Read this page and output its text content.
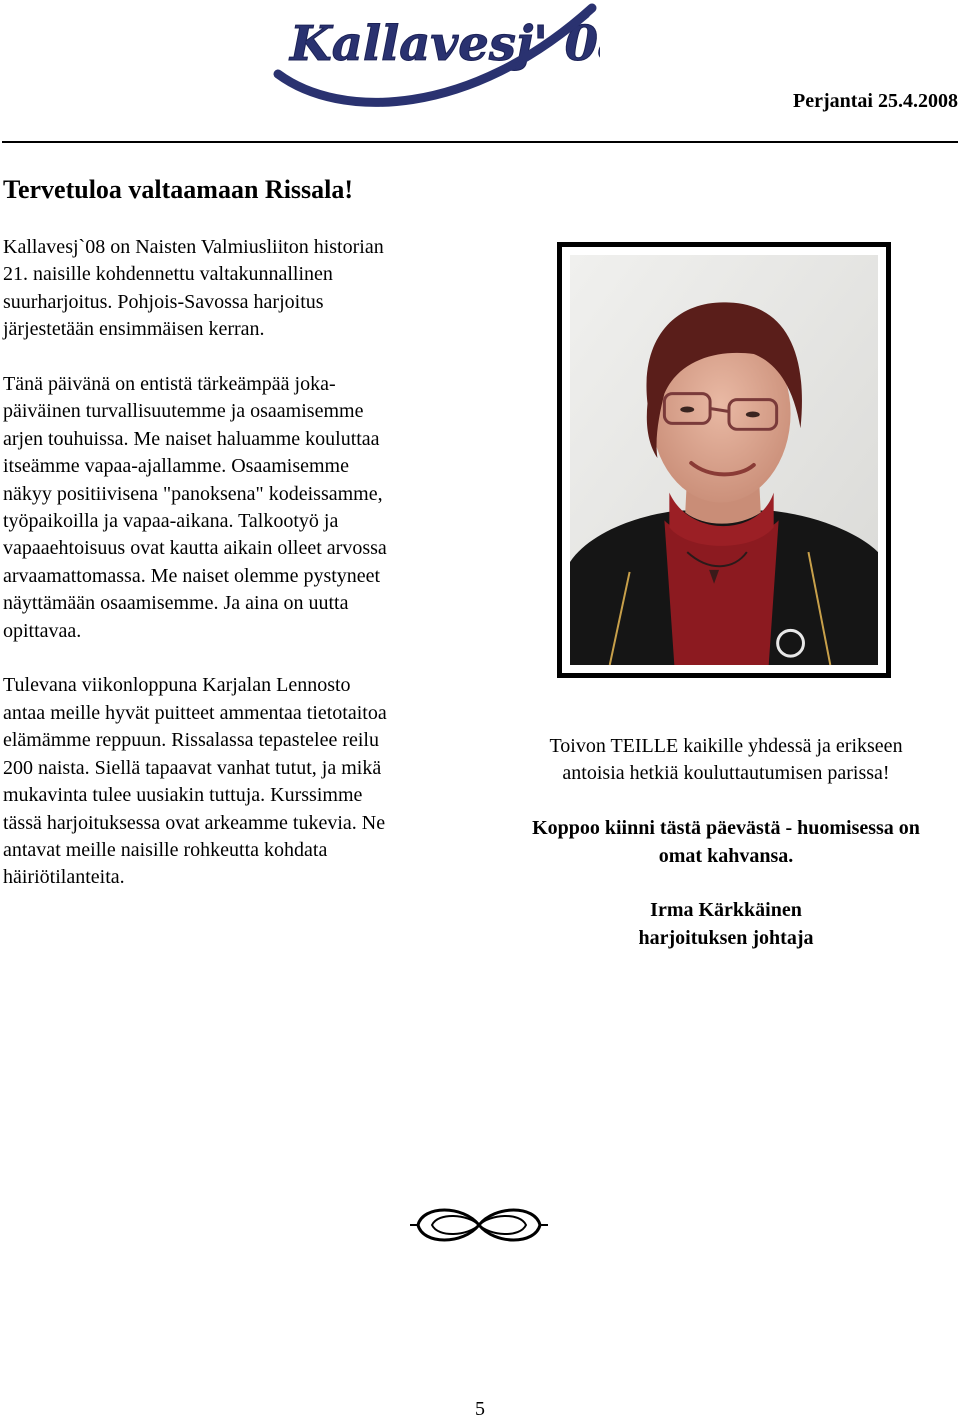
Kallavesj' 08
Perjantai 25.4.2008
Tervetuloa valtaamaan Rissala!

Kallavesj`08 on Naisten Valmiusliiton historian
21. naisille kohdennettu valtakunnallinen
suurharjoitus. Pohjois-Savossa harjoitus
järjestetään ensimmäisen kerran.

Tänä päivänä on entistä tärkeämpää joka-
päiväinen turvallisuutemme ja osaamisemme
arjen touhuissa. Me naiset haluamme kouluttaa
itseämme vapaa-ajallamme. Osaamisemme
näkyy positiivisena "panoksena" kodeissamme,
työpaikoilla ja vapaa-aikana. Talkootyö ja
vapaaehtoisuus ovat kautta aikain olleet arvossa
arvaamattomassa. Me naiset olemme pystyneet
näyttämään osaamisemme. Ja aina on uutta
opittavaa.

Tulevana viikonloppuna Karjalan Lennosto
antaa meille hyvät puitteet ammentaa tietotaitoa
elämämme reppuun. Rissalassa tepastelee reilu
200 naista. Siellä tapaavat vanhat tutut, ja mikä
mukavinta tulee uusiakin tuttuja. Kurssimme
tässä harjoituksessa ovat arkeamme tukevia. Ne
antavat meille naisille rohkeutta kohdata
häiriötilanteita.

Toivon TEILLE kaikille yhdessä ja erikseen
antoisia hetkiä kouluttautumisen parissa!

Koppoo kiinni tästä päevästä - huomisessa on
omat kahvansa.

Irma Kärkkäinen
harjoituksen johtaja

5
